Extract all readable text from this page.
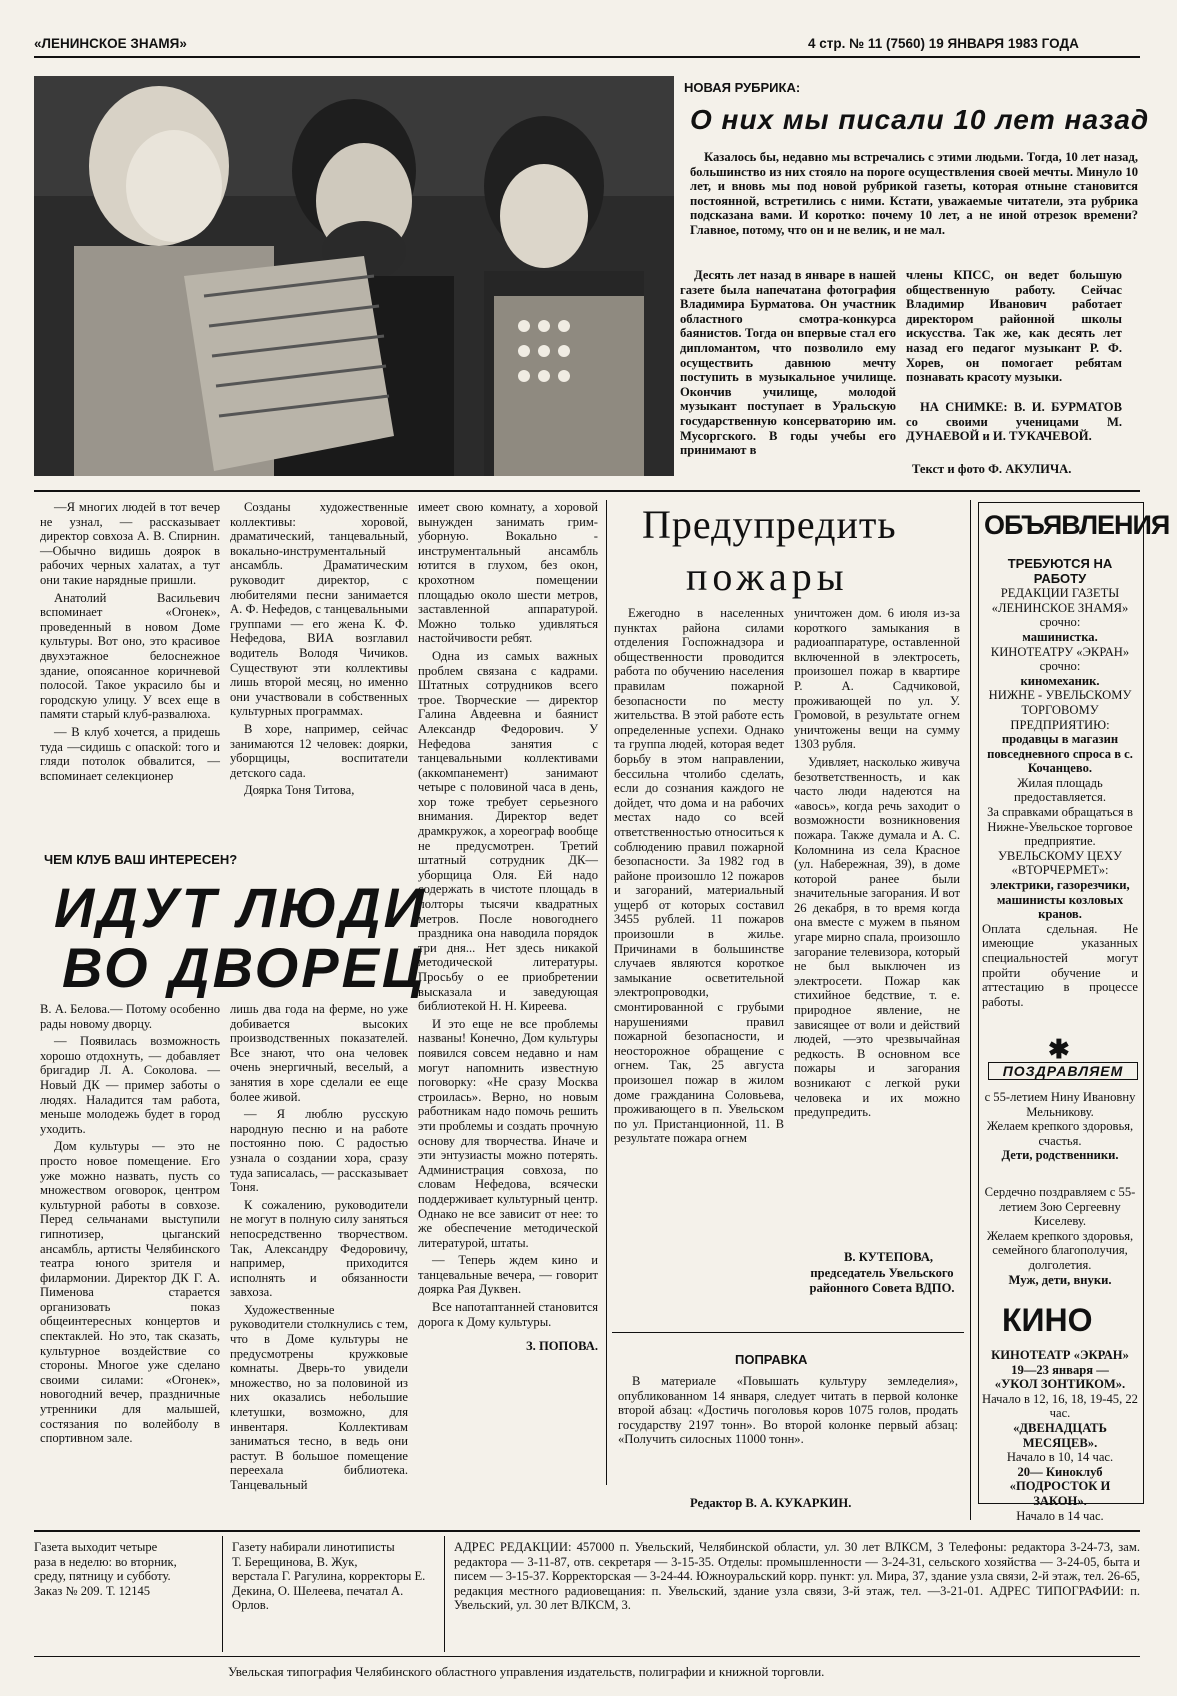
«ЛЕНИНСКОЕ ЗНАМЯ»	4 стр. № 11 (7560) 19 ЯНВАРЯ 1983 ГОДА
НОВАЯ РУБРИКА:
О них мы писали 10 лет назад

Казалось бы, недавно мы встречались с этими людьми. Тогда, 10 лет назад, большинство из них стояло на пороге осуществления своей мечты. Минуло 10 лет, и вновь мы под новой рубрикой газеты, которая отныне становится постоянной, встретились с ними. Кстати, уважаемые читатели, эта рубрика подсказана вами. И коротко: почему 10 лет, а не иной отрезок времени? Главное, потому, что он и не велик, и не мал.

Десять лет назад в январе в нашей газете была напечатана фотография Владимира Бурматова. Он участник областного смотра-конкурса баянистов. Тогда он впервые стал его дипломантом, что позволило ему осуществить давнюю мечту поступить в музыкальное училище. Окончив училище, молодой музыкант поступает в Уральскую государственную консерваторию им. Мусоргского. В годы учебы его принимают в

члены КПСС, он ведет большую общественную работу. Сейчас Владимир Иванович работает директором районной школы искусства. Так же, как десять лет назад его педагог музыкант Р. Ф. Хорев, он помогает ребятам познавать красоту музыки.

НА СНИМКЕ: В. И. БУРМАТОВ со своими ученицами М. ДУНАЕВОЙ и И. ТУКАЧЕВОЙ.

Текст и фото Ф. АКУЛИЧА.

—Я многих людей в тот вечер не узнал, — рассказывает директор совхоза А. В. Спирнин. —Обычно видишь доярок в рабочих черных халатах, а тут они такие нарядные пришли.

Анатолий Васильевич вспоминает «Огонек», проведенный в новом Доме культуры. Вот оно, это красивое двухэтажное белоснежное здание, опоясанное коричневой полосой. Такое украсило бы и городскую улицу. У всех еще в памяти старый клуб-развалюха.

— В клуб хочется, а придешь туда —сидишь с опаской: того и гляди потолок обвалится, — вспоминает селекционер

Созданы художественные коллективы: хоровой, драматический, танцевальный, вокально-инструментальный ансамбль. Драматическим руководит директор, с любителями песни занимается А. Ф. Нефедов, с танцевальными группами — его жена К. Ф. Нефедова, ВИА возглавил водитель Володя Чичиков. Существуют эти коллективы лишь второй месяц, но именно они участвовали в собственных культурных программах.

В хоре, например, сейчас занимаются 12 человек: доярки, уборщицы, воспитатели детского сада.

Доярка Тоня Титова,

имеет свою комнату, а хоровой вынужден занимать грим-уборную. Вокально - инструментальный ансамбль ютится в глухом, без окон, крохотном помещении площадью около шести метров, заставленной аппаратурой. Можно только удивляться настойчивости ребят.

Одна из самых важных проблем связана с кадрами. Штатных сотрудников всего трое. Творческие — директор Галина Авдеевна и баянист Александр Федорович. У Нефедова занятия с танцевальными коллективами (аккомпанемент) занимают четыре с половиной часа в день, хор тоже требует серьезного внимания. Директор ведет драмкружок, а хореограф вообще не предусмотрен. Третий штатный сотрудник ДК— уборщица Оля. Ей надо содержать в чистоте площадь в полторы тысячи квадратных метров. После новогоднего праздника она наводила порядок три дня... Нет здесь никакой методической литературы. Просьбу о ее приобретении высказала и заведующая библиотекой Н. Н. Киреева.

И это еще не все проблемы названы! Конечно, Дом культуры появился совсем недавно и нам могут напомнить известную поговорку: «Не сразу Москва строилась». Верно, но новым работникам надо помочь решить эти проблемы и создать прочную основу для творчества. Иначе и эти энтузиасты можно потерять. Администрация совхоза, по словам Нефедова, всячески поддерживает культурный центр. Однако не все зависит от нее: то же обеспечение методической литературой, штаты.

— Теперь ждем кино и танцевальные вечера, — говорит доярка Рая Дуквен.

Все напотаптанней становится дорога к Дому культуры.

З. ПОПОВА.
ЧЕМ КЛУБ ВАШ ИНТЕРЕСЕН?
ИДУТ ЛЮДИ
ВО ДВОРЕЦ

В. А. Белова.— Потому особенно рады новому дворцу.

— Появилась возможность хорошо отдохнуть, — добавляет бригадир Л. А. Соколова. — Новый ДК — пример заботы о людях. Наладится там работа, меньше молодежь будет в город уходить.

Дом культуры — это не просто новое помещение. Его уже можно назвать, пусть со множеством оговорок, центром культурной работы в совхозе. Перед сельчанами выступили гипнотизер, цыганский ансамбль, артисты Челябинского театра юного зрителя и филармонии. Директор ДК Г. А. Пименова старается организовать показ общеинтересных концертов и спектаклей. Но это, так сказать, культурное воздействие со стороны. Многое уже сделано своими силами: «Огонек», новогодний вечер, праздничные утренники для малышей, состязания по волейболу в спортивном зале.

лишь два года на ферме, но уже добивается высоких производственных показателей. Все знают, что она человек очень энергичный, веселый, а занятия в хоре сделали ее еще более живой.

— Я люблю русскую народную песню и на работе постоянно пою. С радостью узнала о создании хора, сразу туда записалась, — рассказывает Тоня.

К сожалению, руководители не могут в полную силу заняться непосредственно творчеством. Так, Александру Федоровичу, например, приходится исполнять и обязанности завхоза.

Художественные руководители столкнулись с тем, что в Доме культуры не предусмотрены кружковые комнаты. Дверь-то увидели множество, но за половиной из них оказались небольшие клетушки, возможно, для инвентаря. Коллективам заниматься тесно, в ведь они растут. В большое помещение переехала библиотека. Танцевальный

Предупредить
пожары

Ежегодно в населенных пунктах района силами отделения Госпожнадзора и общественности проводится работа по обучению населения правилам пожарной безопасности по месту жительства. В этой работе есть определенные успехи. Однако та группа людей, которая ведет борьбу в этом направлении, бессильна чтолибо сделать, если до сознания каждого не дойдет, что дома и на рабочих местах надо со всей ответственностью относиться к соблюдению правил пожарной безопасности. За 1982 год в районе произошло 12 пожаров и загораний, материальный ущерб от которых составил 3455 рублей. 11 пожаров произошли в жилье. Причинами в большинстве случаев являются короткое замыкание осветительной электропроводки, смонтированной с грубыми нарушениями правил пожарной безопасности, и неосторожное обращение с огнем. Так, 25 августа произошел пожар в жилом доме гражданина Соловьева, проживающего в п. Увельском по ул. Пристанционной, 11. В результате пожара огнем

уничтожен дом. 6 июля из-за короткого замыкания в радиоаппаратуре, оставленной включенной в электросеть, произошел пожар в квартире Р. А. Садчиковой, проживающей по ул. У. Громовой, в результате огнем уничтожены вещи на сумму 1303 рубля.

Удивляет, насколько живуча безответственность, и как часто люди надеются на «авось», когда речь заходит о возможности возникновения пожара. Также думала и А. С. Коломнина из села Красное (ул. Набережная, 39), в доме которой ранее были значительные загорания. И вот 26 декабря, в то время когда она вместе с мужем в пьяном угаре мирно спала, произошло загорание телевизора, который не был выключен из электросети. Пожар как стихийное бедствие, т. е. природное явление, не зависящее от воли и действий людей, —это чрезвычайная редкость. В основном все пожары и загорания возникают с легкой руки человека и их можно предупредить.

В. КУТЕПОВА,
председатель Увельского районного Совета ВДПО.
ПОПРАВКА

В материале «Повышать культуру земледелия», опубликованном 14 января, следует читать в первой колонке второй абзац: «Достичь поголовья коров 1075 голов, продать государству 2197 тонн». Во второй колонке первый абзац: «Получить силосных 11000 тонн».

Редактор В. А. КУКАРКИН.
ОБЪЯВЛЕНИЯ
ТРЕБУЮТСЯ НА РАБОТУ
РЕДАКЦИИ ГАЗЕТЫ «ЛЕНИНСКОЕ ЗНАМЯ»
срочно:
машинистка.
КИНОТЕАТРУ «ЭКРАН» срочно:
киномеханик.
НИЖНЕ - УВЕЛЬСКОМУ ТОРГОВОМУ ПРЕДПРИЯТИЮ:
продавцы в магазин повседневного спроса в с. Кочанцево.
Жилая площадь предоставляется.
За справками обращаться в Нижне-Увельское торговое предприятие.
УВЕЛЬСКОМУ ЦЕХУ «ВТОРЧЕРМЕТ»:
электрики, газорезчики, машинисты козловых кранов.
Оплата сдельная. Не имеющие указанных специальностей могут пройти обучение и аттестацию в процессе работы.
✱
ПОЗДРАВЛЯЕМ
с 55-летием Нину Ивановну Мельникову.
Желаем крепкого здоровья, счастья.
Дети, родственники.
Сердечно поздравляем с 55-летием Зою Сергеевну Киселеву.
Желаем крепкого здоровья, семейного благополучия, долголетия.
Муж, дети, внуки.
КИНО
КИНОТЕАТР «ЭКРАН»
19—23 января —
«УКОЛ ЗОНТИКОМ».
Начало в 12, 16, 18, 19-45, 22 час.
«ДВЕНАДЦАТЬ МЕСЯЦЕВ».
Начало в 10, 14 час.
20— Киноклуб «ПОДРОСТОК И ЗАКОН».
Начало в 14 час.
Газета выходит четыре
раза в неделю: во вторник,
среду, пятницу и субботу.
Заказ № 209. Т. 12145
Газету набирали линотиписты
Т. Берещинова, В. Жук,
верстала Г. Рагулина, корректоры Е. Декина, О. Шелеева, печатал А. Орлов.
АДРЕС РЕДАКЦИИ: 457000 п. Увельский, Челябинской области, ул. 30 лет ВЛКСМ, 3 Телефоны: редактора 3-24-73, зам. редактора — 3-11-87, отв. секретаря — 3-15-35. Отделы: промышленности — 3-24-31, сельского хозяйства — 3-24-05, быта и писем — 3-15-37. Корректорская — 3-24-44. Южноуральский корр. пункт: ул. Мира, 37, здание узла связи, 2-й этаж, тел. 26-65, редакция местного радиовещания: п. Увельский, здание узла связи, 3-й этаж, тел. —3-21-01. АДРЕС ТИПОГРАФИИ: п. Увельский, ул. 30 лет ВЛКСМ, 3.
Увельская типография Челябинского областного управления издательств, полиграфии и книжной торговли.
